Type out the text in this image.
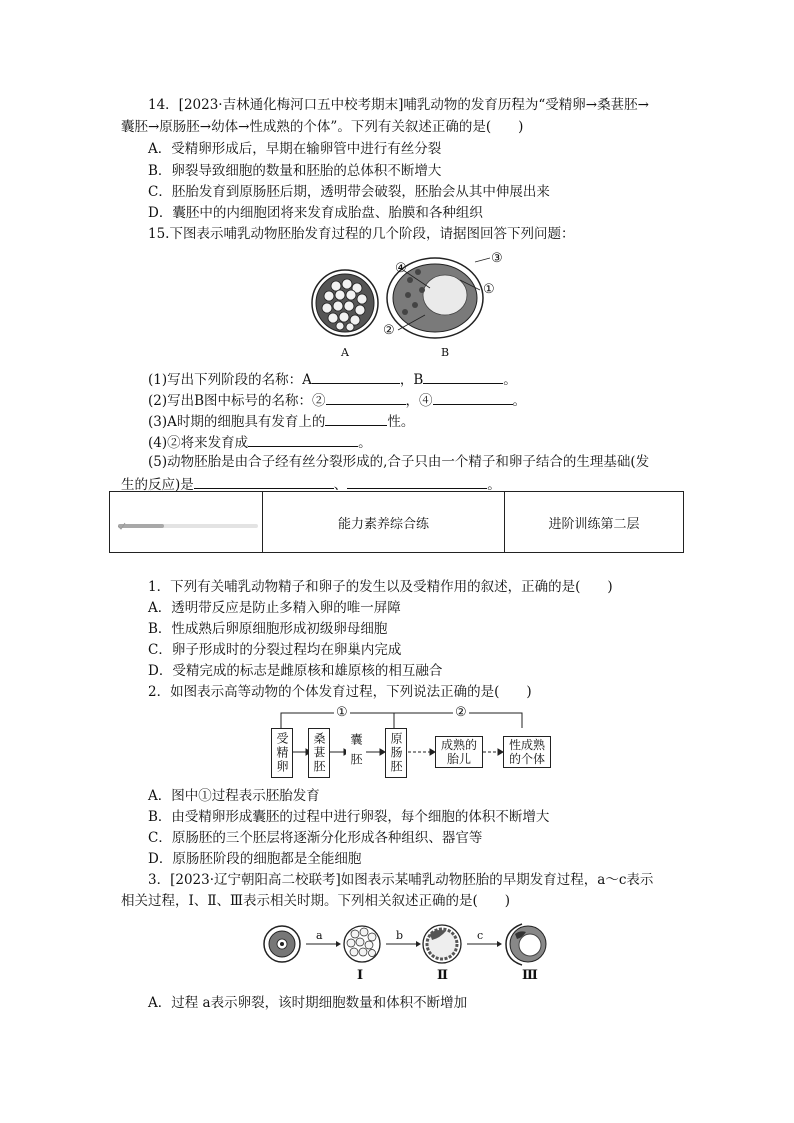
14．[2023·吉林通化梅河口五中校考期末]哺乳动物的发育历程为“受精卵→桑葚胚→
囊胚→原肠胚→幼体→性成熟的个体”。下列有关叙述正确的是(　　)
A．受精卵形成后，早期在输卵管中进行有丝分裂
B．卵裂导致细胞的数量和胚胎的总体积不断增大
C．胚胎发育到原肠胚后期，透明带会破裂，胚胎会从其中伸展出来
D．囊胚中的内细胞团将来发育成胎盘、胎膜和各种组织
15.下图表示哺乳动物胚胎发育过程的几个阶段，请据图回答下列问题：
A
④
①
③
②
B
(1)写出下列阶段的名称：A	，B	。
(2)写出B图中标号的名称：②	，④	。
(3)A时期的细胞具有发育上的	性。
(4)②将来发育成	。
(5)动物胚胎是由合子经有丝分裂形成的,合子只由一个精子和卵子结合的生理基础(发
生的反应)是	、	。
能力素养综合练	进阶训练第二层
1．下列有关哺乳动物精子和卵子的发生以及受精作用的叙述，正确的是(　　)
A．透明带反应是防止多精入卵的唯一屏障
B．性成熟后卵原细胞形成初级卵母细胞
C．卵子形成时的分裂过程均在卵巢内完成
D．受精完成的标志是雌原核和雄原核的相互融合
2．如图表示高等动物的个体发育过程，下列说法正确的是(　　)
①	②
受精卵	桑葚胚	囊胚	原肠胚	成熟的胎儿
性成熟的个体
A．图中①过程表示胚胎发育
B．由受精卵形成囊胚的过程中进行卵裂，每个细胞的体积不断增大
C．原肠胚的三个胚层将逐渐分化形成各种组织、器官等
D．原肠胚阶段的细胞都是全能细胞
3．[2023·辽宁朝阳高二校联考]如图表示某哺乳动物胚胎的早期发育过程，a～c表示
相关过程，Ⅰ、Ⅱ、Ⅲ表示相关时期。下列相关叙述正确的是(　　)
a	b	c
Ⅰ	Ⅱ	Ⅲ
A．过程 a表示卵裂，该时期细胞数量和体积不断增加
